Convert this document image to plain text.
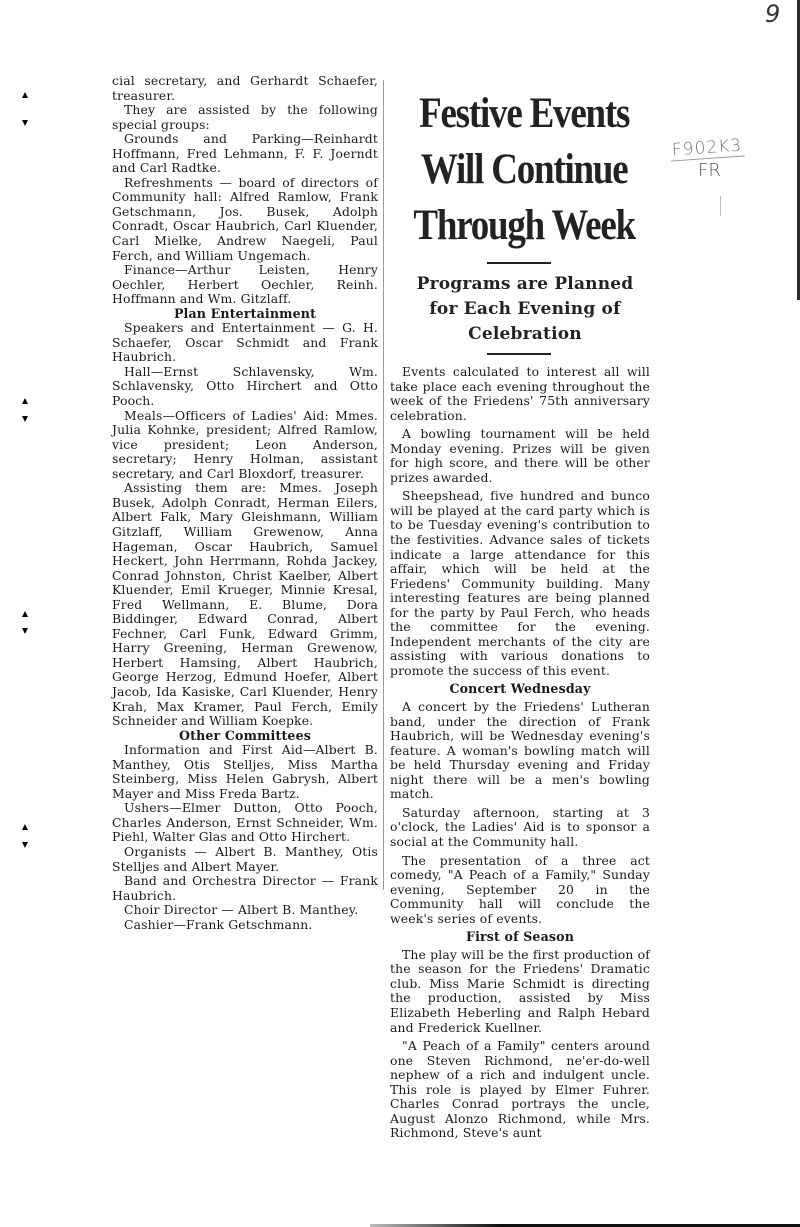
9
F902K3
FR

cial secretary, and Gerhardt Schaefer, treasurer.

They are assisted by the following special groups:

Grounds and Parking—Reinhardt Hoffmann, Fred Lehmann, F. F. Joerndt and Carl Radtke.

Refreshments — board of directors of Community hall: Alfred Ramlow, Frank Getschmann, Jos. Busek, Adolph Conradt, Oscar Haubrich, Carl Kluender, Carl Mielke, Andrew Naegeli, Paul Ferch, and William Ungemach.

Finance—Arthur Leisten, Henry Oechler, Herbert Oechler, Reinh. Hoffmann and Wm. Gitzlaff.

Plan Entertainment

Speakers and Entertainment — G. H. Schaefer, Oscar Schmidt and Frank Haubrich.

Hall—Ernst Schlavensky, Wm. Schlavensky, Otto Hirchert and Otto Pooch.

Meals—Officers of Ladies' Aid: Mmes. Julia Kohnke, president; Alfred Ramlow, vice president; Leon Anderson, secretary; Henry Holman, assistant secretary, and Carl Bloxdorf, treasurer.

Assisting them are: Mmes. Joseph Busek, Adolph Conradt, Herman Eilers, Albert Falk, Mary Gleishmann, William Gitzlaff, William Grewenow, Anna Hageman, Oscar Haubrich, Samuel Heckert, John Herrmann, Rohda Jackey, Conrad Johnston, Christ Kaelber, Albert Kluender, Emil Krueger, Minnie Kresal, Fred Wellmann, E. Blume, Dora Biddinger, Edward Conrad, Albert Fechner, Carl Funk, Edward Grimm, Harry Greening, Herman Grewenow, Herbert Hamsing, Albert Haubrich, George Herzog, Edmund Hoefer, Albert Jacob, Ida Kasiske, Carl Kluender, Henry Krah, Max Kramer, Paul Ferch, Emily Schneider and William Koepke.

Other Committees

Information and First Aid—Albert B. Manthey, Otis Stelljes, Miss Martha Steinberg, Miss Helen Gabrysh, Albert Mayer and Miss Freda Bartz.

Ushers—Elmer Dutton, Otto Pooch, Charles Anderson, Ernst Schneider, Wm. Piehl, Walter Glas and Otto Hirchert.

Organists — Albert B. Manthey, Otis Stelljes and Albert Mayer.

Band and Orchestra Director — Frank Haubrich.

Choir Director — Albert B. Manthey.

Cashier—Frank Getschmann.

Festive Events

Will Continue

Through Week

Programs are Planned

for Each Evening of

Celebration

Events calculated to interest all will take place each evening throughout the week of the Friedens' 75th anniversary celebration.

A bowling tournament will be held Monday evening. Prizes will be given for high score, and there will be other prizes awarded.

Sheepshead, five hundred and bunco will be played at the card party which is to be Tuesday evening's contribution to the festivities. Advance sales of tickets indicate a large attendance for this affair, which will be held at the Friedens' Community building. Many interesting features are being planned for the party by Paul Ferch, who heads the committee for the evening. Independent merchants of the city are assisting with various donations to promote the success of this event.

Concert Wednesday

A concert by the Friedens' Lutheran band, under the direction of Frank Haubrich, will be Wednesday evening's feature. A woman's bowling match will be held Thursday evening and Friday night there will be a men's bowling match.

Saturday afternoon, starting at 3 o'clock, the Ladies' Aid is to sponsor a social at the Community hall.

The presentation of a three act comedy, "A Peach of a Family," Sunday evening, September 20 in the Community hall will conclude the week's series of events.

First of Season

The play will be the first production of the season for the Friedens' Dramatic club. Miss Marie Schmidt is directing the production, assisted by Miss Elizabeth Heberling and Ralph Hebard and Frederick Kuellner.

"A Peach of a Family" centers around one Steven Richmond, ne'er-do-well nephew of a rich and indulgent uncle. This role is played by Elmer Fuhrer. Charles Conrad portrays the uncle, August Alonzo Richmond, while Mrs. Richmond, Steve's aunt
